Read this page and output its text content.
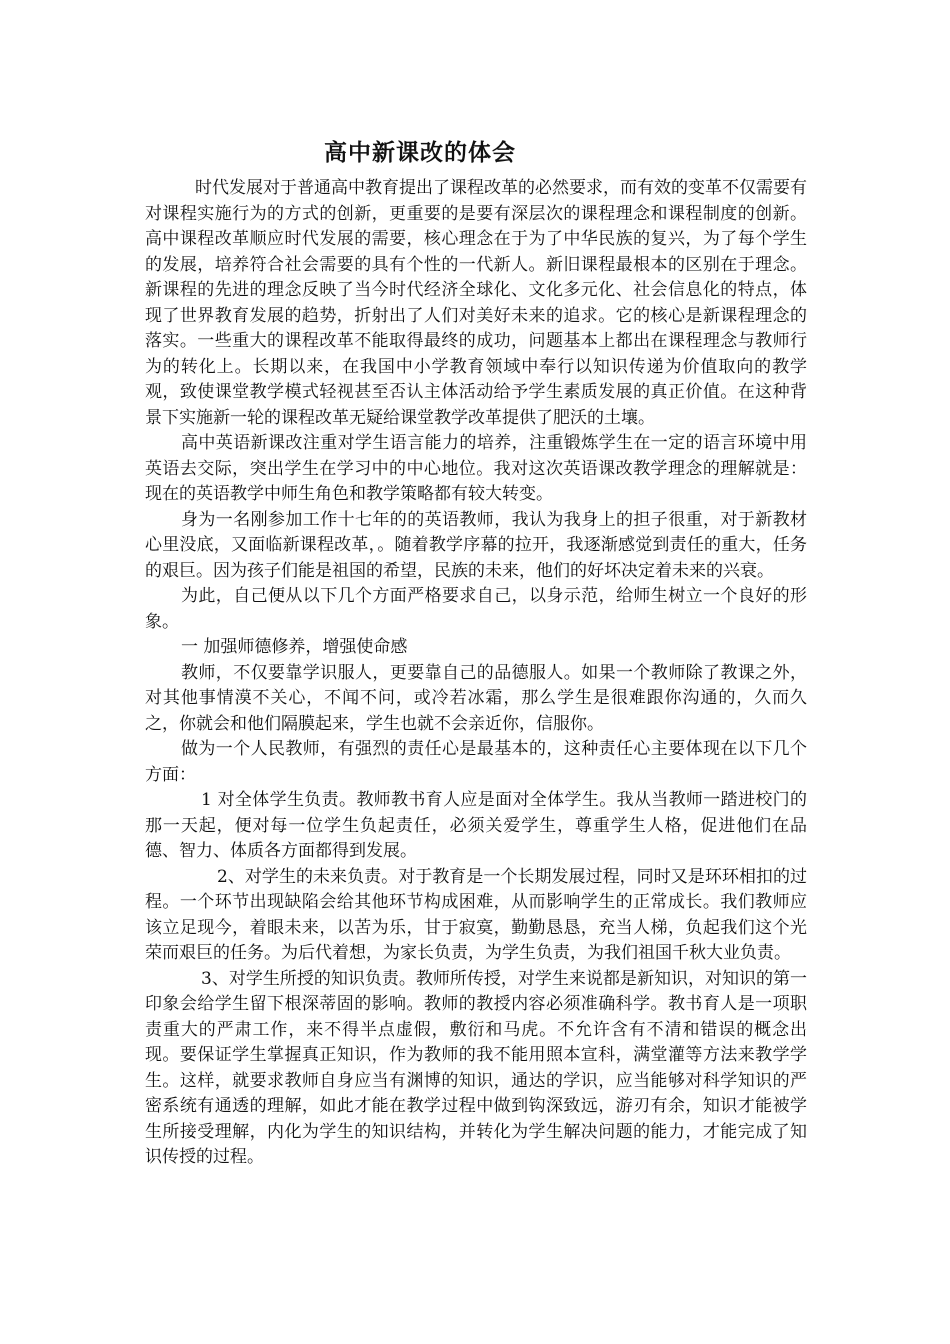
高中新课改的体会

时代发展对于普通高中教育提出了课程改革的必然要求，而有效的变革不仅需要有对课程实施行为的方式的创新，更重要的是要有深层次的课程理念和课程制度的创新。高中课程改革顺应时代发展的需要，核心理念在于为了中华民族的复兴，为了每个学生的发展，培养符合社会需要的具有个性的一代新人。新旧课程最根本的区别在于理念。新课程的先进的理念反映了当今时代经济全球化、文化多元化、社会信息化的特点，体现了世界教育发展的趋势，折射出了人们对美好未来的追求。它的核心是新课程理念的落实。一些重大的课程改革不能取得最终的成功，问题基本上都出在课程理念与教师行为的转化上。长期以来，在我国中小学教育领域中奉行以知识传递为价值取向的教学观，致使课堂教学模式轻视甚至否认主体活动给予学生素质发展的真正价值。在这种背景下实施新一轮的课程改革无疑给课堂教学改革提供了肥沃的土壤。

高中英语新课改注重对学生语言能力的培养，注重锻炼学生在一定的语言环境中用英语去交际，突出学生在学习中的中心地位。我对这次英语课改教学理念的理解就是：现在的英语教学中师生角色和教学策略都有较大转变。

身为一名刚参加工作十七年的的英语教师，我认为我身上的担子很重，对于新教材心里没底，又面临新课程改革，。随着教学序幕的拉开，我逐渐感觉到责任的重大，任务的艰巨。因为孩子们能是祖国的希望，民族的未来，他们的好坏决定着未来的兴衰。

为此，自己便从以下几个方面严格要求自己，以身示范，给师生树立一个良好的形象。

一 加强师德修养，增强使命感

教师，不仅要靠学识服人，更要靠自己的品德服人。如果一个教师除了教课之外，对其他事情漠不关心，不闻不问，或冷若冰霜，那么学生是很难跟你沟通的，久而久之，你就会和他们隔膜起来，学生也就不会亲近你，信服你。

做为一个人民教师，有强烈的责任心是最基本的，这种责任心主要体现在以下几个方面：

1 对全体学生负责。教师教书育人应是面对全体学生。我从当教师一踏进校门的那一天起，便对每一位学生负起责任，必须关爱学生，尊重学生人格，促进他们在品德、智力、体质各方面都得到发展。

2、对学生的未来负责。对于教育是一个长期发展过程，同时又是环环相扣的过程。一个环节出现缺陷会给其他环节构成困难，从而影响学生的正常成长。我们教师应该立足现今，着眼未来，以苦为乐，甘于寂寞，勤勤恳恳，充当人梯，负起我们这个光荣而艰巨的任务。为后代着想，为家长负责，为学生负责，为我们祖国千秋大业负责。

3、对学生所授的知识负责。教师所传授，对学生来说都是新知识，对知识的第一印象会给学生留下根深蒂固的影响。教师的教授内容必须准确科学。教书育人是一项职责重大的严肃工作，来不得半点虚假，敷衍和马虎。不允许含有不清和错误的概念出现。要保证学生掌握真正知识，作为教师的我不能用照本宣科，满堂灌等方法来教学学生。这样，就要求教师自身应当有渊博的知识，通达的学识，应当能够对科学知识的严密系统有通透的理解，如此才能在教学过程中做到钩深致远，游刃有余，知识才能被学生所接受理解，内化为学生的知识结构，并转化为学生解决问题的能力，才能完成了知识传授的过程。
